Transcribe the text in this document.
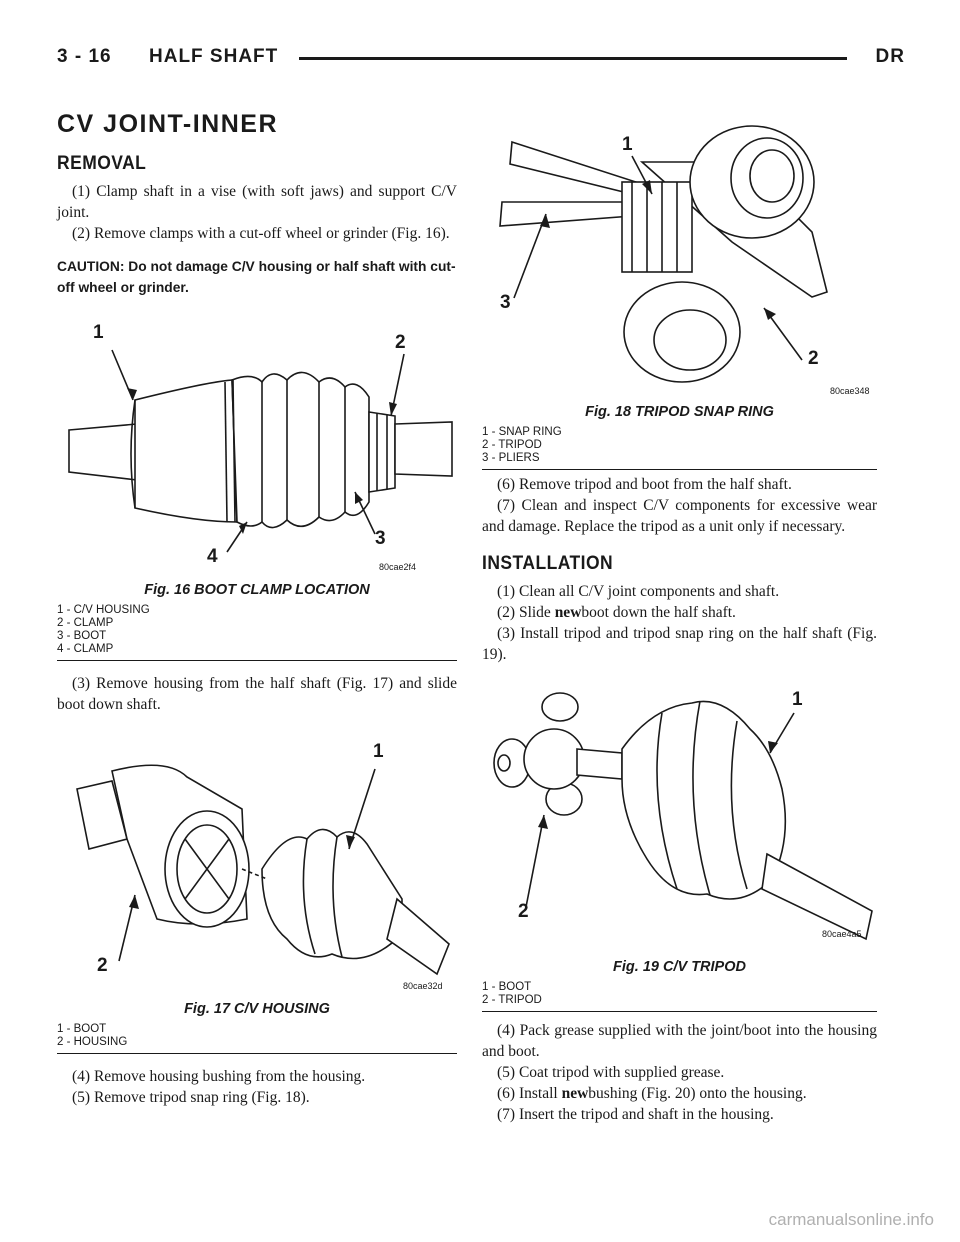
3 - 16 HALF SHAFT	DR
CV JOINT-INNER
REMOVAL

(1) Clamp shaft in a vise (with soft jaws) and support C/V joint.

(2) Remove clamps with a cut-off wheel or grinder (Fig. 16).

CAUTION: Do not damage C/V housing or half shaft with cut-off wheel or grinder.

1	2
3
4	80cae2f4
Fig. 16 BOOT CLAMP LOCATION
1 - C/V HOUSING
2 - CLAMP
3 - BOOT
4 - CLAMP

(3) Remove housing from the half shaft (Fig. 17) and slide boot down shaft.

1
2
80cae32d
Fig. 17 C/V HOUSING
1 - BOOT
2 - HOUSING

(4) Remove housing bushing from the housing.

(5) Remove tripod snap ring (Fig. 18).

1
2
3
80cae348
Fig. 18 TRIPOD SNAP RING
1 - SNAP RING
2 - TRIPOD
3 - PLIERS

(6) Remove tripod and boot from the half shaft.

(7) Clean and inspect C/V components for excessive wear and damage. Replace the tripod as a unit only if necessary.

INSTALLATION

(1) Clean all C/V joint components and shaft.

(2) Slide newboot down the half shaft.

(3) Install tripod and tripod snap ring on the half shaft (Fig. 19).

1
2
80cae4a5
Fig. 19 C/V TRIPOD
1 - BOOT
2 - TRIPOD

(4) Pack grease supplied with the joint/boot into the housing and boot.

(5) Coat tripod with supplied grease.

(6) Install newbushing (Fig. 20) onto the housing.

(7) Insert the tripod and shaft in the housing.

carmanualsonline.info
